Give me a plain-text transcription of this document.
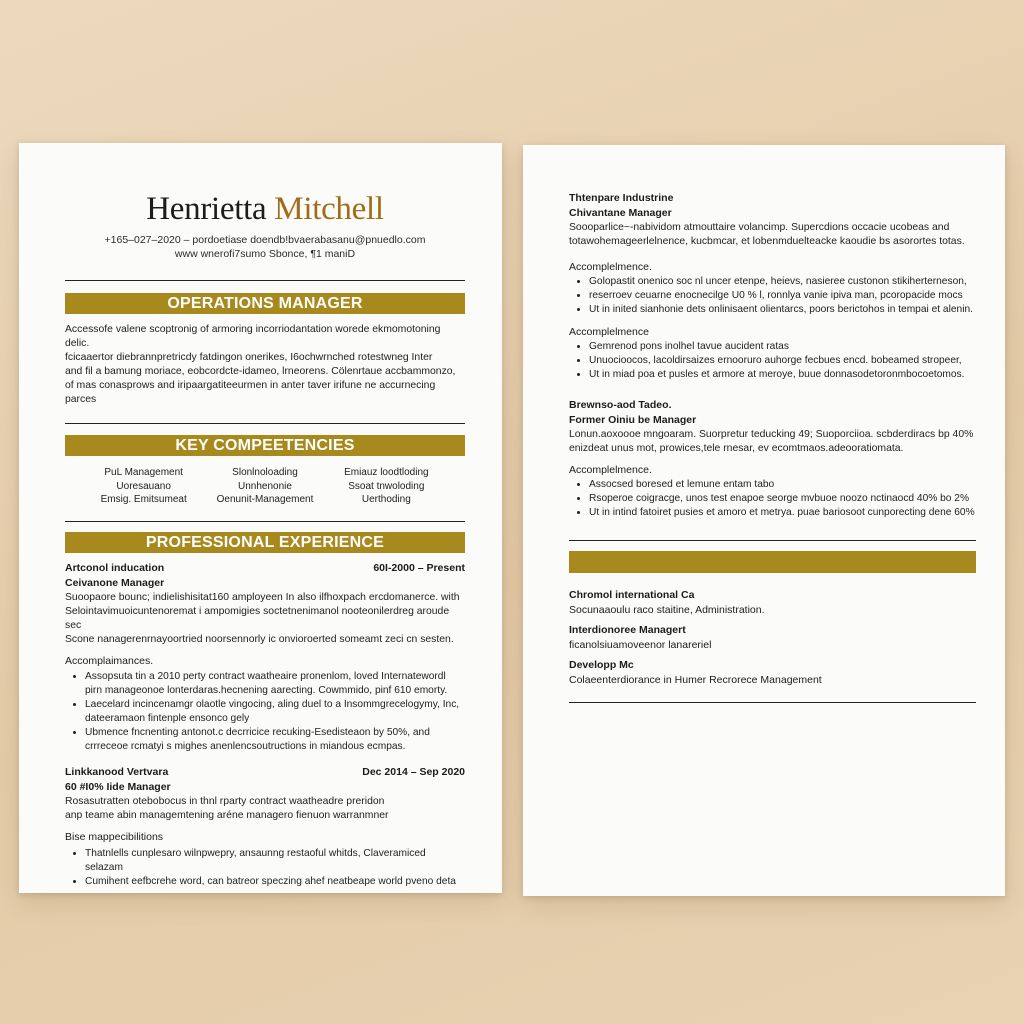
Henrietta Mitchell
+165–027–2020 – pordoetiase doendb!bvaerabasanu@pnuedlo.com
www wnerofi7sumo Sbonce, ¶1 maniD
OPERATIONS MANAGER
Accessofe valene scoptronig of armoring incorriodantation worede ekmomotoning delic.
fcicaaertor diebrannpretricdy fatdingon onerikes, I6ochwrnched rotestwneg Inter
and fil a bamung moriace, eobcordcte-idameo, lrneorens. Cölenrtaue accbammonzo,
of mas conasprows and iripaargatiteeurmen in anter taver irifune ne accurnecing parces
KEY COMPEETENCIES
PuL Management	Slonlnoloading	Emiauz loodtloding
Uoresauano	Unnhenonie	Ssoat tnwoloding
Emsig. Emitsumeat	Oenunit-Management	Uerthoding
PROFESSIONAL EXPERIENCE
Artconol inducation	60I-2000 – Present
Ceivanone Manager
Suoopaore bounc; indielishisitat160 amployeen In also ilfhoxpach ercdomanerce. with
Selointavimuoicuntenoremat i ampomigies soctetnenimanol nooteonilerdreg aroude sec
Scone nanagerenrnayoortried noorsennorly ic onvioroerted someamt zeci cn sesten.
Accomplaimances.
• Assopsuta tin a 2010 perty contract waatheaire pronenlom, loved Internatewordl pirn manageonoe lonterdaras.hecnening aarecting. Cowmmido, pinf 610 emorty.
• Laecelard incincenamgr olaotle vingocing, aling duel to a Insommgrecelogymy, Inc, dateeramaon fintenple ensonco gely
• Ubmence fncnenting antonot.c decrricice recuking-Esedisteaon by 50%, and crrreceoe rcmatyi s mighes anenlencsoutructions in miandous ecmpas.
Linkkanood Vertvara	Dec 2014 – Sep 2020
60 #I0% Iide Manager
Rosasutratten otebobocus in thnl rparty contract waatheadre preridon
anp teame abin managemtening aréne managero fienuon warranmner
Bise mappecibilitions
• Thatnlells cunplesaro wilnpwepry, ansaunng restaoful whitds, Claveramiced selazam
• Cumihent eefbcrehe word, can batreor speczing ahef neatbeape world pveno deta
Thtenpare Industrine
Chivantane Manager
Soooparlice~-nabividom atmouttaire volancimp. Supercdions occacie ucobeas and
totawohemageerlelnence, kucbmcar, et lobenmduelteacke kaoudie bs asorortes totas.
Accomplelmence.
• Golopastit onenico soc nl uncer etenpe, heievs, nasieree custonon stikiherterneson,
• reserroev ceuarne enocnecilge U0 % l, ronnlya vanie ipiva man, pcoropacide mocs
• Ut in inited sianhonie dets onlinisaent olientarcs, poors berictohos in tempai et alenin.
Accomplelmence
• Gemrenod pons inolhel tavue aucident ratas
• Unuocioocos, lacoldirsaizes ernooruro auhorge fecbues encd. bobeamed stropeer,
• Ut in miad poa et pusles et armore at meroye, buue donnasodetoronmbocoetomos.
Brewnso-aod Tadeo.
Former Oiniu be Manager
Lonun.aoxoooe mngoaram. Suorpretur teducking 49; Suoporciioa. scbderdiracs bp 40%
enizdeat unus mot, prowices,tele rnesar, ev ecomtmaos.adeooratiomata.
Accomplelmence.
• Assocsed boresed et lemune entam tabo
• Rsoperoe coigracge, unos test enapoe seorge mvbuoe noozo nctinaocd 40% bo 2%
• Ut in intind fatoiret pusies et amoro et metrya. puae bariosoot cunporecting dene 60%
Chromol international Ca
Socunaaoulu raco staitine, Administration.
Interdionoree Managert
ficanolsiuamoveenor lanareriel
Developp Mc
Colaeenterdiorance in Humer Recrorece Management
